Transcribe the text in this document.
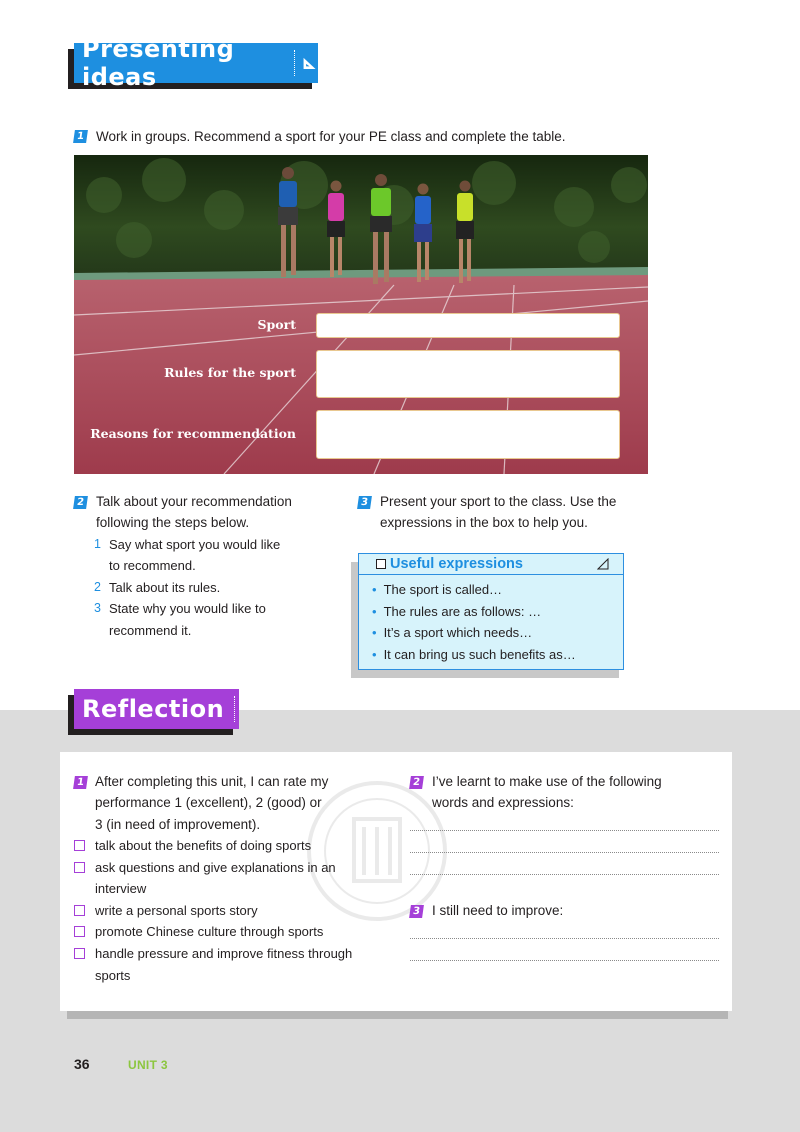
Presenting ideas
1 Work in groups. Recommend a sport for your PE class and complete the table.
Sport
Rules for the sport
Reasons for recommendation
2 Talk about your recommendation
following the steps below.
1 Say what sport you would like
to recommend.
2 Talk about its rules.
3 State why you would like to
recommend it.
3 Present your sport to the class. Use the
expressions in the box to help you.
Useful expressions
• The sport is called…
• The rules are as follows: …
• It’s a sport which needs…
• It can bring us such benefits as…
Reflection
1 After completing this unit, I can rate my
performance 1 (excellent), 2 (good) or
3 (in need of improvement).
talk about the benefits of doing sports
ask questions and give explanations in an
interview
write a personal sports story
promote Chinese culture through sports
handle pressure and improve fitness through
sports
2 I’ve learnt to make use of the following
words and expressions:
3 I still need to improve:
36	UNIT 3
